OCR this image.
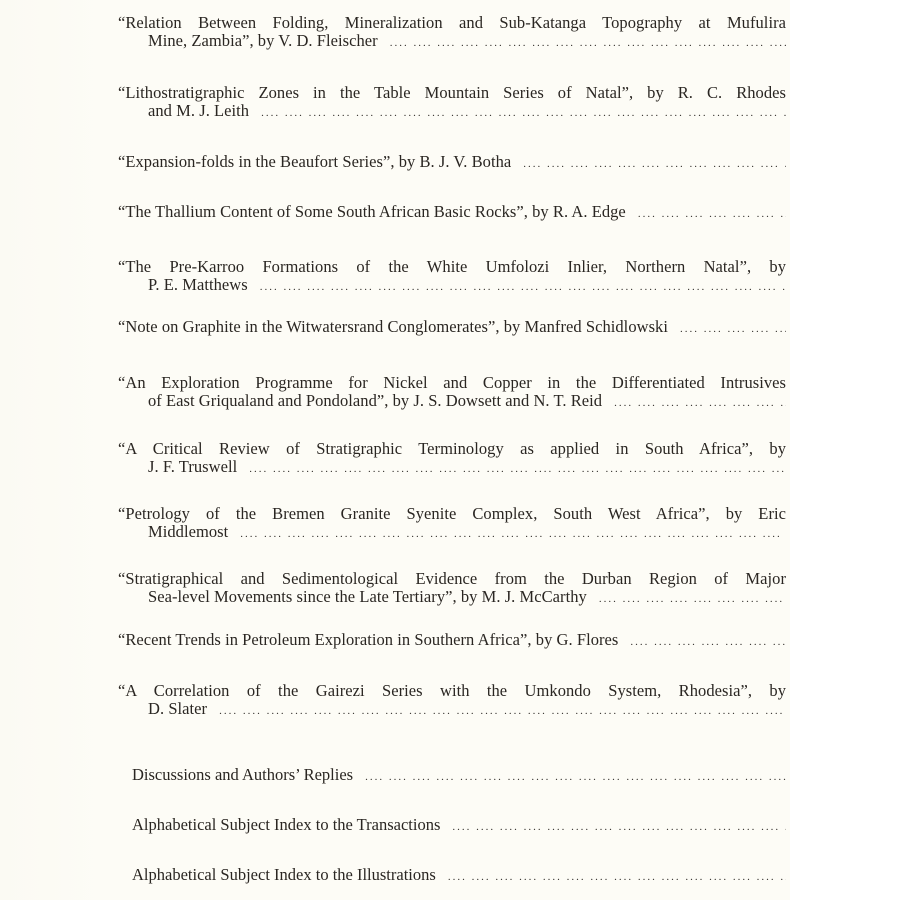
“Relation Between Folding, Mineralization and Sub-Katanga Topography at Mufulira
Mine, Zambia”, by V. D. Fleischer
....
“Lithostratigraphic Zones in the Table Mountain Series of Natal”, by R. C. Rhodes
and M. J. Leith
....
“Expansion-folds in the Beaufort Series”, by B. J. V. Botha
....
“The Thallium Content of Some South African Basic Rocks”, by R. A. Edge
....
“The Pre-Karroo Formations of the White Umfolozi Inlier, Northern Natal”, by
P. E. Matthews
....
“Note on Graphite in the Witwatersrand Conglomerates”, by Manfred Schidlowski
....
“An Exploration Programme for Nickel and Copper in the Differentiated Intrusives
of East Griqualand and Pondoland”, by J. S. Dowsett and N. T. Reid
....
“A Critical Review of Stratigraphic Terminology as applied in South Africa”, by
J. F. Truswell
....
“Petrology of the Bremen Granite Syenite Complex, South West Africa”, by Eric
Middlemost
....
“Stratigraphical and Sedimentological Evidence from the Durban Region of Major
Sea-level Movements since the Late Tertiary”, by M. J. McCarthy
....
“Recent Trends in Petroleum Exploration in Southern Africa”, by G. Flores
....
“A Correlation of the Gairezi Series with the Umkondo System, Rhodesia”, by
D. Slater
....
Discussions and Authors’ Replies
....
Alphabetical Subject Index to the Transactions
....
Alphabetical Subject Index to the Illustrations
....
